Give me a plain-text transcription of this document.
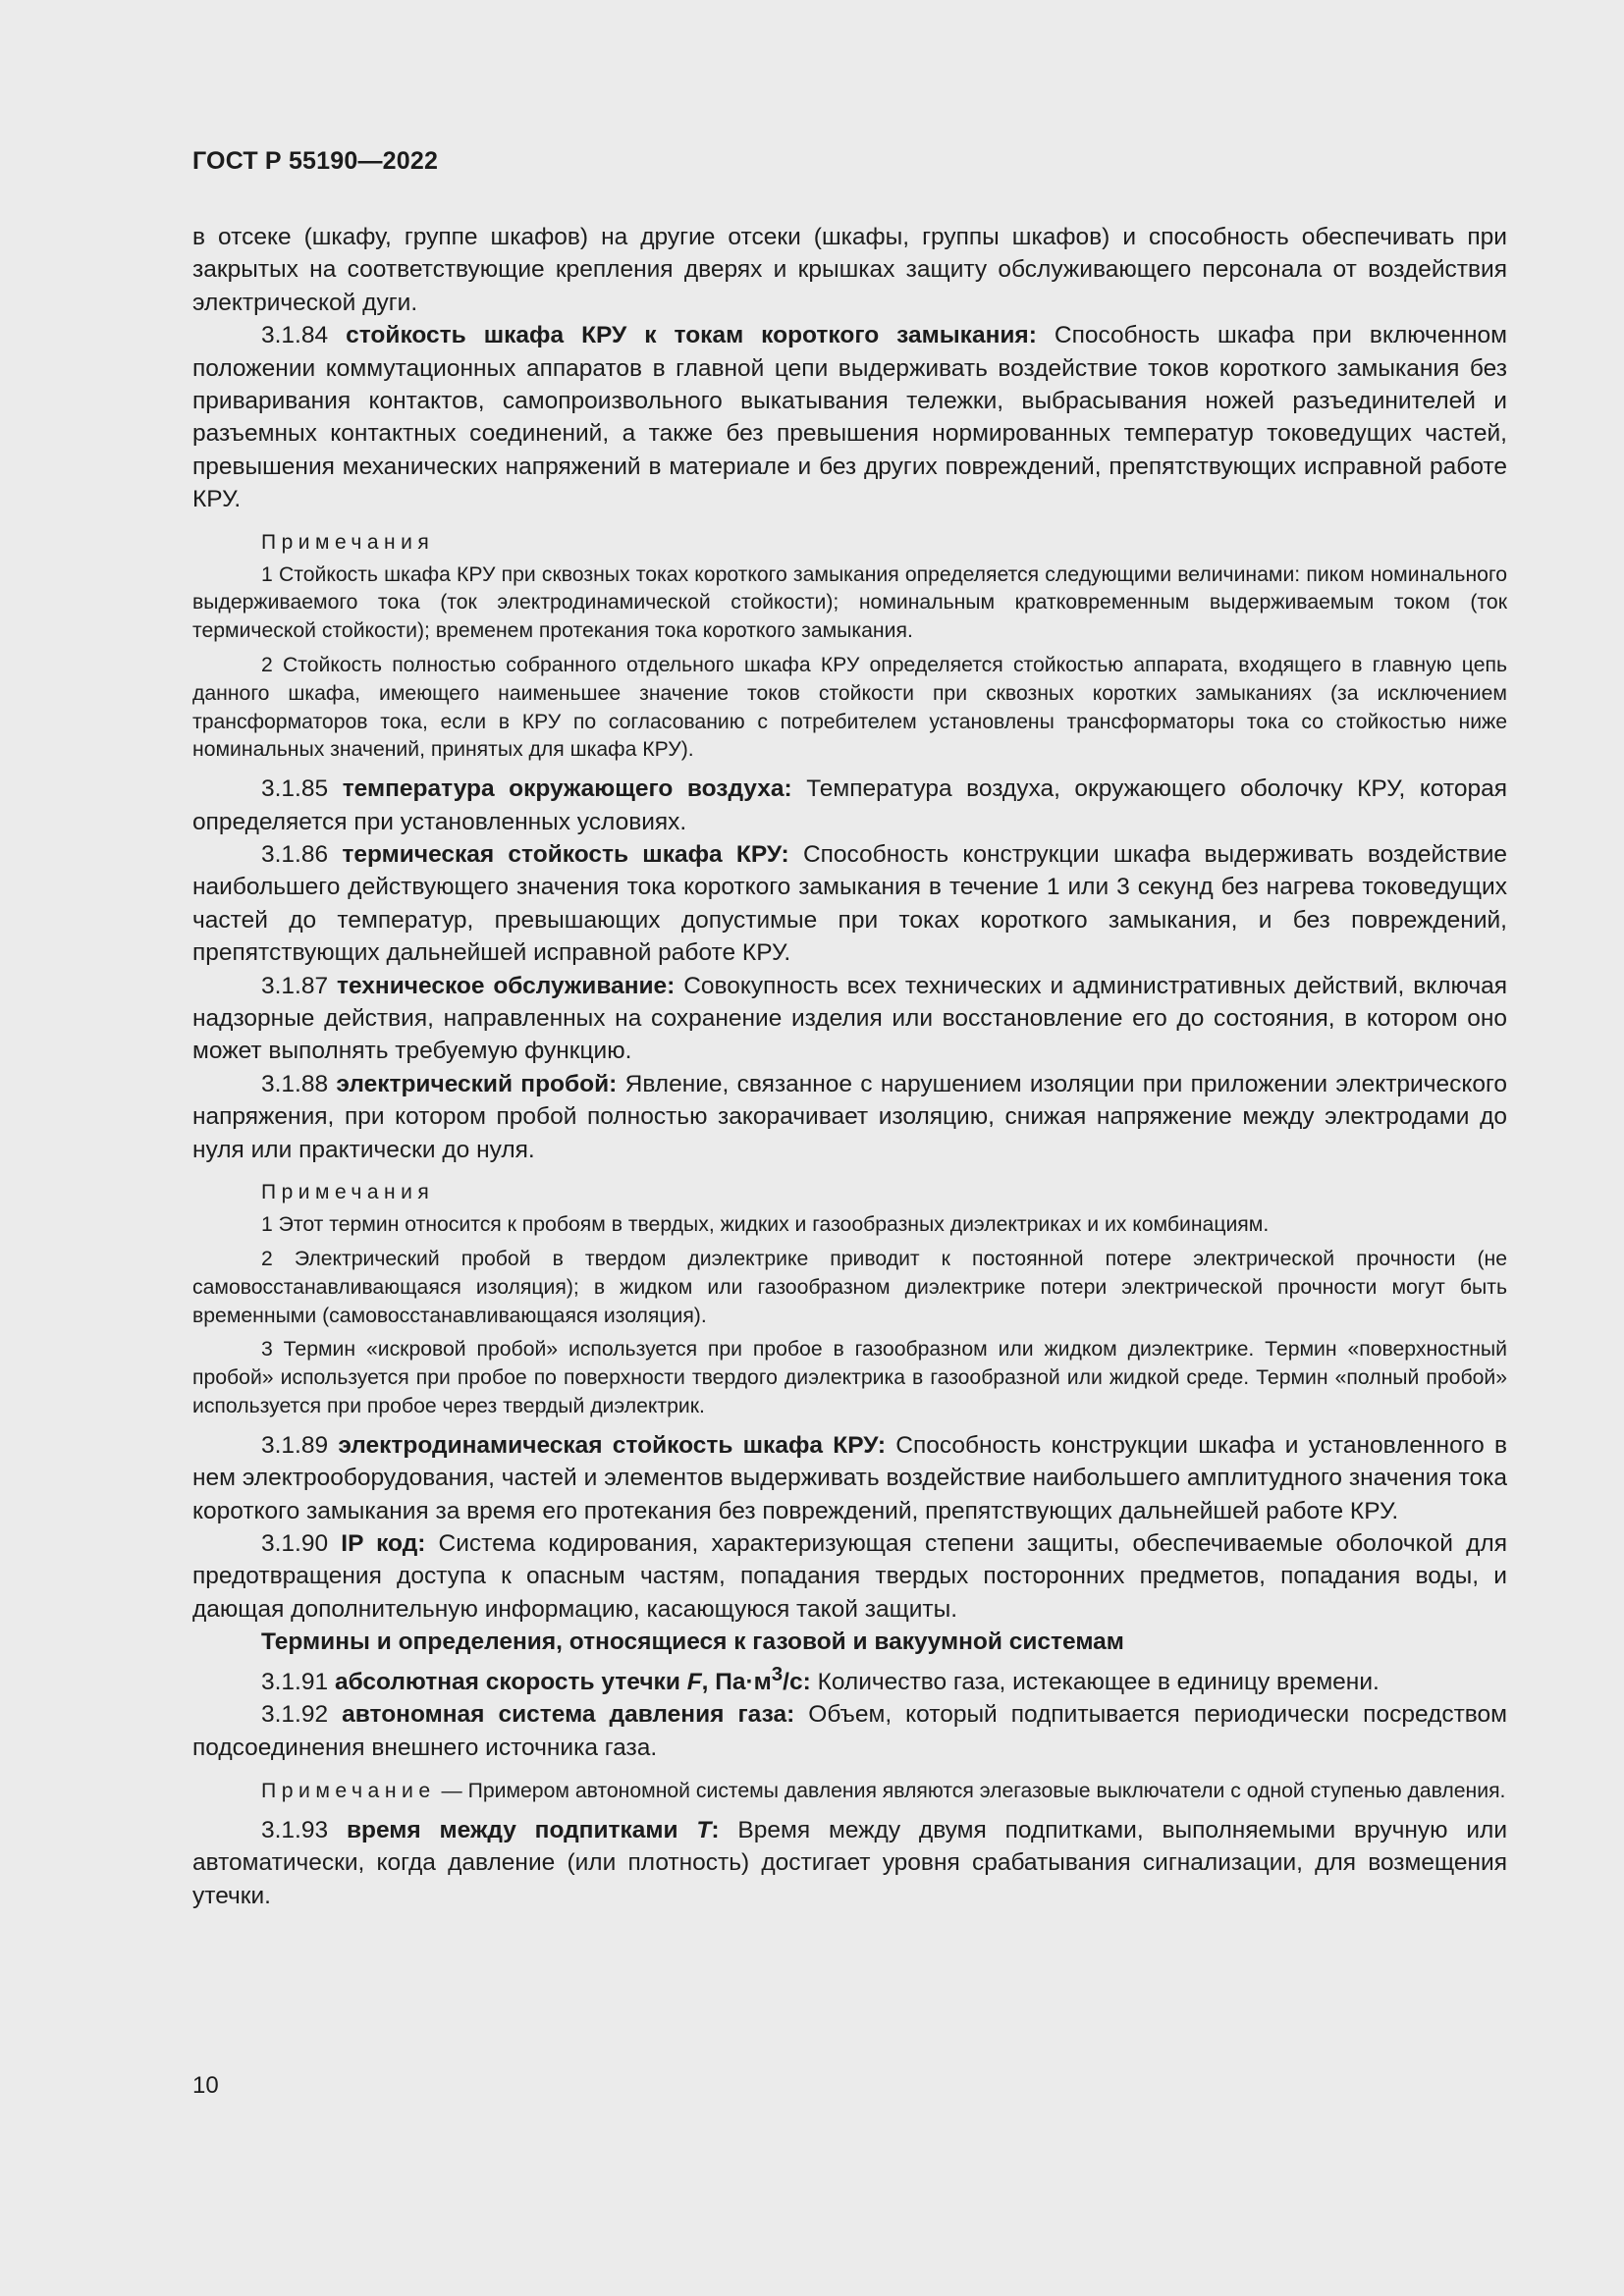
ГОСТ Р 55190—2022

в отсеке (шкафу, группе шкафов) на другие отсеки (шкафы, группы шкафов) и способность обеспечивать при закрытых на соответствующие крепления дверях и крышках защиту обслуживающего персонала от воздействия электрической дуги.

3.1.84 стойкость шкафа КРУ к токам короткого замыкания: Способность шкафа при включенном положении коммутационных аппаратов в главной цепи выдерживать воздействие токов короткого замыкания без приваривания контактов, самопроизвольного выкатывания тележки, выбрасывания ножей разъединителей и разъемных контактных соединений, а также без превышения нормированных температур токоведущих частей, превышения механических напряжений в материале и без других повреждений, препятствующих исправной работе КРУ.

Примечания

1 Стойкость шкафа КРУ при сквозных токах короткого замыкания определяется следующими величинами: пиком номинального выдерживаемого тока (ток электродинамической стойкости); номинальным кратковременным выдерживаемым током (ток термической стойкости); временем протекания тока короткого замыкания.

2 Стойкость полностью собранного отдельного шкафа КРУ определяется стойкостью аппарата, входящего в главную цепь данного шкафа, имеющего наименьшее значение токов стойкости при сквозных коротких замыканиях (за исключением трансформаторов тока, если в КРУ по согласованию с потребителем установлены трансформаторы тока со стойкостью ниже номинальных значений, принятых для шкафа КРУ).

3.1.85 температура окружающего воздуха: Температура воздуха, окружающего оболочку КРУ, которая определяется при установленных условиях.

3.1.86 термическая стойкость шкафа КРУ: Способность конструкции шкафа выдерживать воздействие наибольшего действующего значения тока короткого замыкания в течение 1 или 3 секунд без нагрева токоведущих частей до температур, превышающих допустимые при токах короткого замыкания, и без повреждений, препятствующих дальнейшей исправной работе КРУ.

3.1.87 техническое обслуживание: Совокупность всех технических и административных действий, включая надзорные действия, направленных на сохранение изделия или восстановление его до состояния, в котором оно может выполнять требуемую функцию.

3.1.88 электрический пробой: Явление, связанное с нарушением изоляции при приложении электрического напряжения, при котором пробой полностью закорачивает изоляцию, снижая напряжение между электродами до нуля или практически до нуля.

Примечания

1 Этот термин относится к пробоям в твердых, жидких и газообразных диэлектриках и их комбинациям.

2 Электрический пробой в твердом диэлектрике приводит к постоянной потере электрической прочности (не самовосстанавливающаяся изоляция); в жидком или газообразном диэлектрике потери электрической прочности могут быть временными (самовосстанавливающаяся изоляция).

3 Термин «искровой пробой» используется при пробое в газообразном или жидком диэлектрике. Термин «поверхностный пробой» используется при пробое по поверхности твердого диэлектрика в газообразной или жидкой среде. Термин «полный пробой» используется при пробое через твердый диэлектрик.

3.1.89 электродинамическая стойкость шкафа КРУ: Способность конструкции шкафа и установленного в нем электрооборудования, частей и элементов выдерживать воздействие наибольшего амплитудного значения тока короткого замыкания за время его протекания без повреждений, препятствующих дальнейшей работе КРУ.

3.1.90 IP код: Система кодирования, характеризующая степени защиты, обеспечиваемые оболочкой для предотвращения доступа к опасным частям, попадания твердых посторонних предметов, попадания воды, и дающая дополнительную информацию, касающуюся такой защиты.

Термины и определения, относящиеся к газовой и вакуумной системам

3.1.91 абсолютная скорость утечки F, $Па\cdot м^3/с$: Количество газа, истекающее в единицу времени.

3.1.92 автономная система давления газа: Объем, который подпитывается периодически посредством подсоединения внешнего источника газа.

Примечание — Примером автономной системы давления являются элегазовые выключатели с одной ступенью давления.

3.1.93 время между подпитками T: Время между двумя подпитками, выполняемыми вручную или автоматически, когда давление (или плотность) достигает уровня срабатывания сигнализации, для возмещения утечки.

10
